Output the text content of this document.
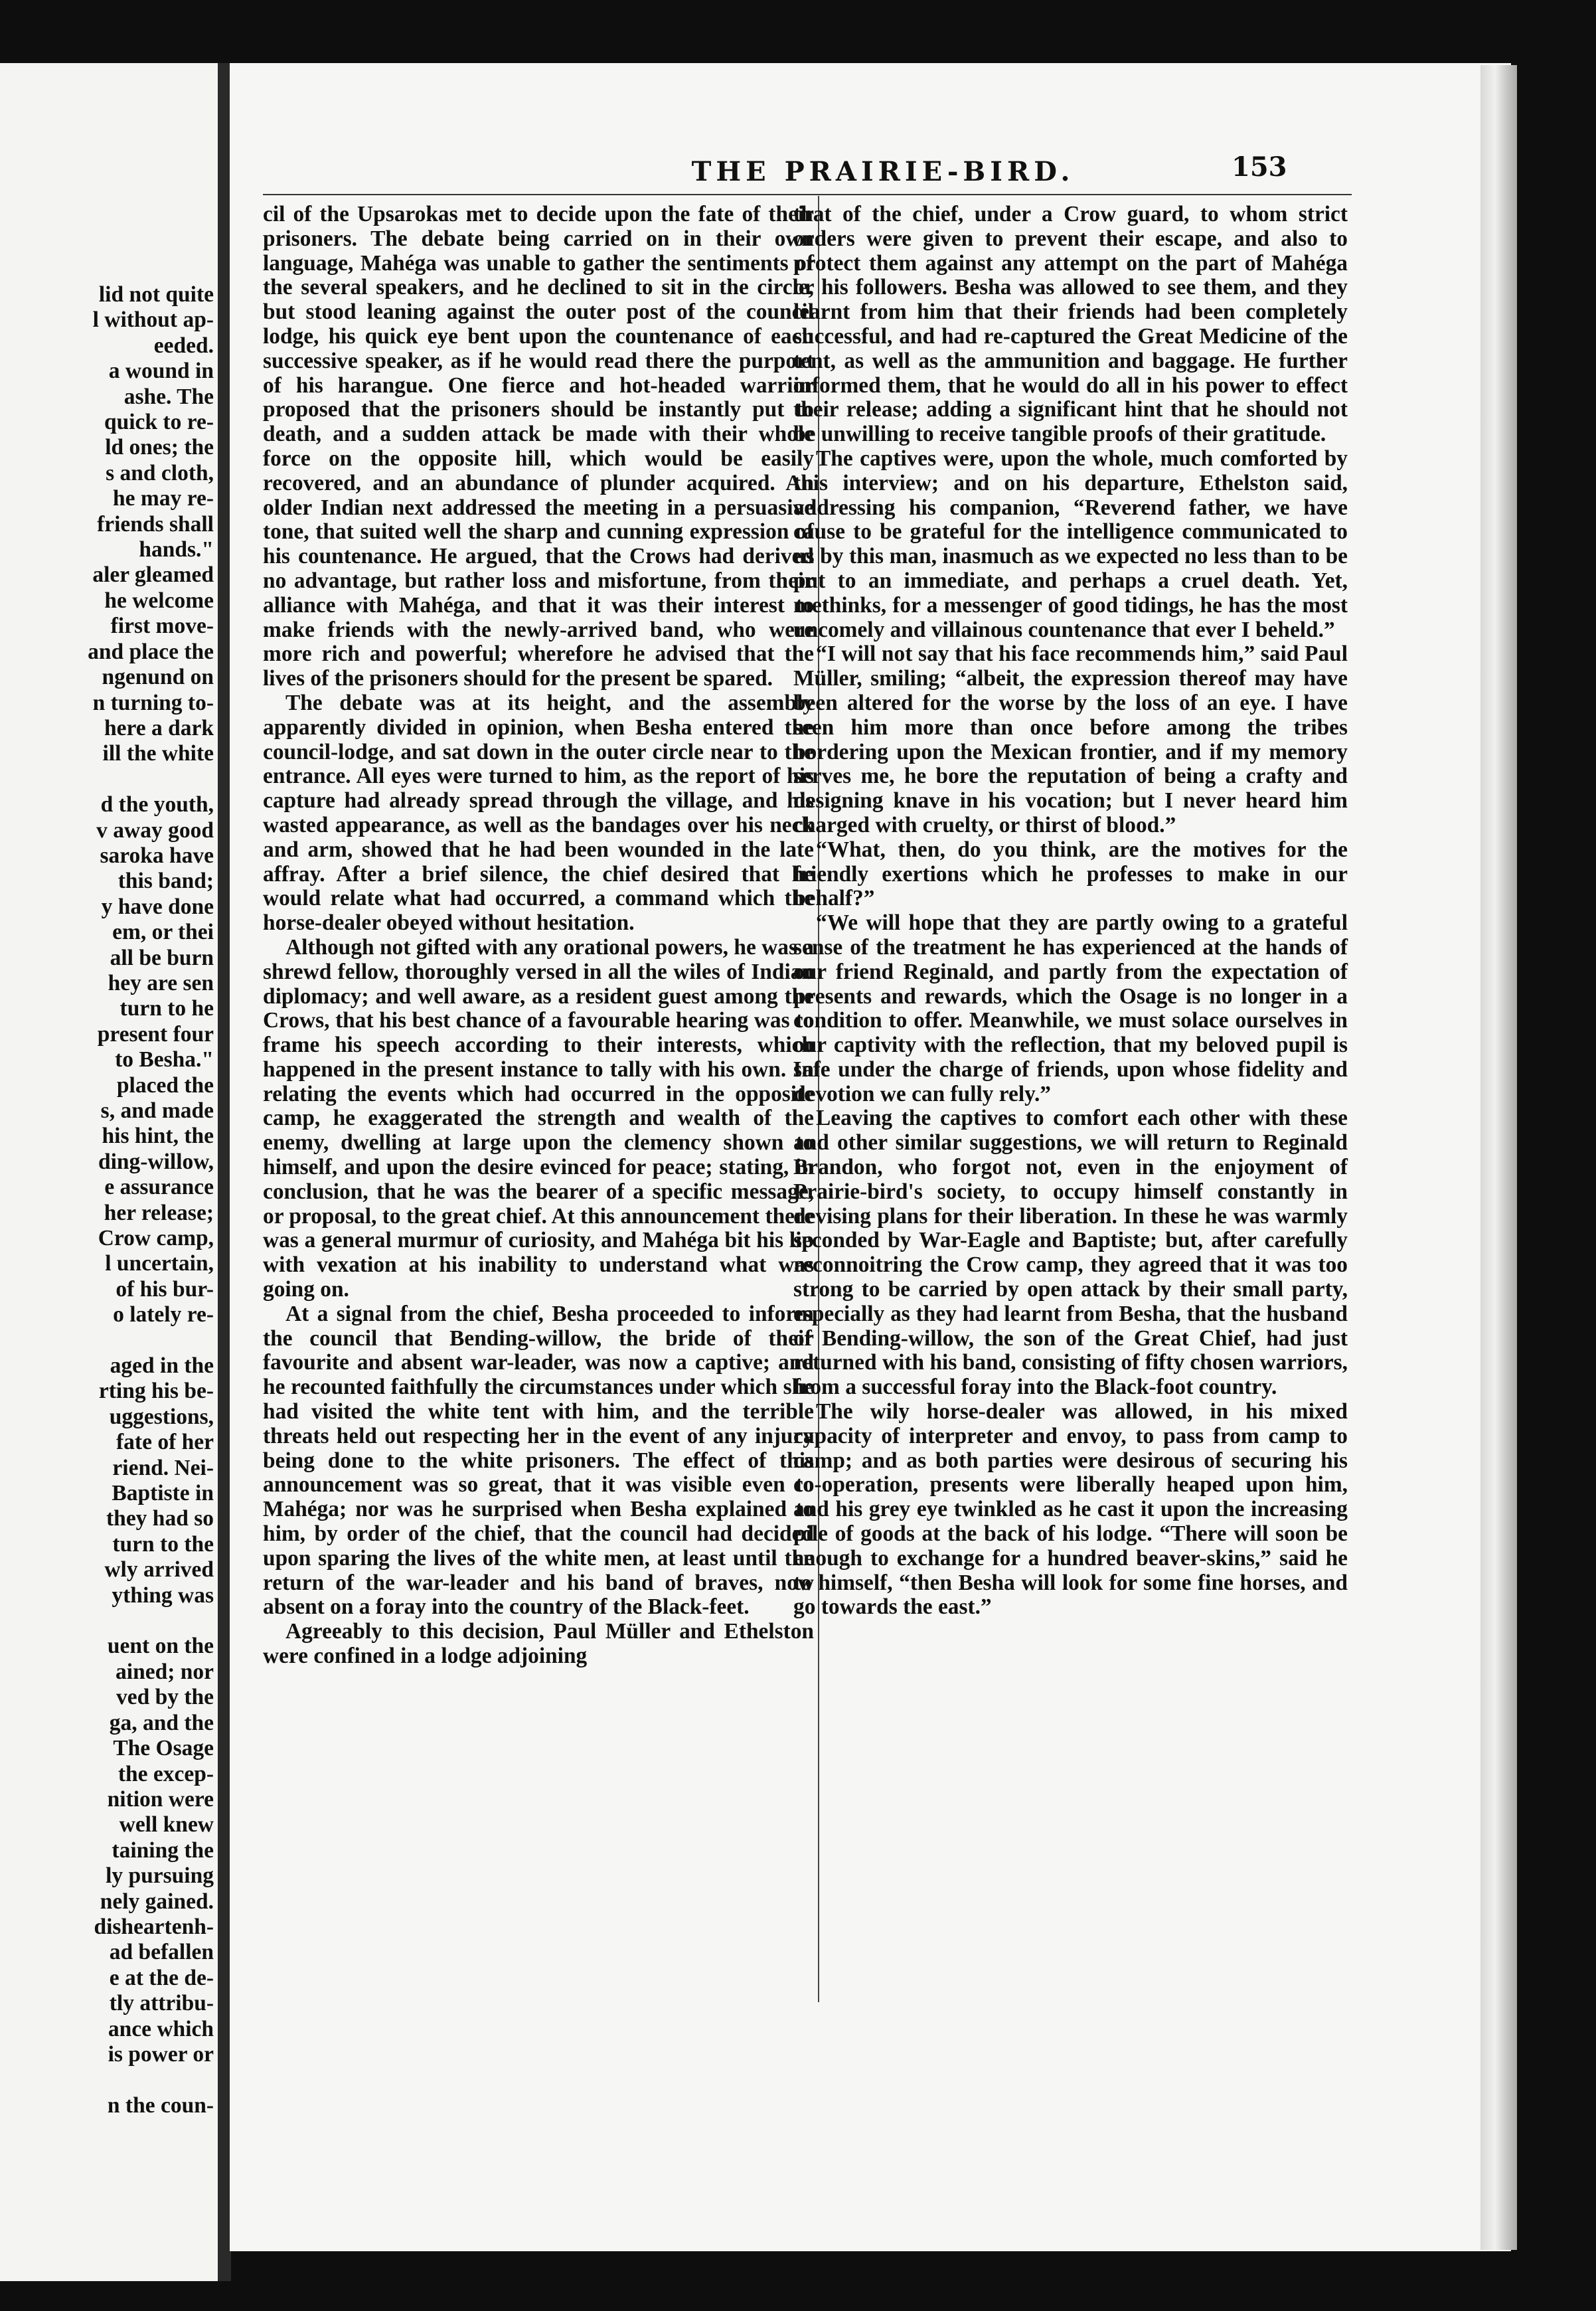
lid not quite
l without ap-
eeded.
a wound in
ashe. The
quick to re-
ld ones; the
s and cloth,
he may re-
friends shall
hands."
aler gleamed
he welcome
first move-
and place the
ngenund on
n turning to-
here a dark
ill the white
d the youth,
v away good
saroka have
this band;
y have done
em, or thei
all be burn
hey are sen
turn to he
present four
to Besha."
placed the
s, and made
his hint, the
ding-willow,
e assurance
her release;
Crow camp,
l uncertain,
of his bur-
o lately re-
aged in the
rting his be-
uggestions,
fate of her
riend. Nei-
Baptiste in
they had so
turn to the
wly arrived
ything was
uent on the
ained; nor
ved by the
ga, and the
The Osage
the excep-
nition were
well knew
taining the
ly pursuing
nely gained.
disheartenh-
ad befallen
e at the de-
tly attribu-
ance which
is power or
n the coun-
THE PRAIRIE-BIRD.	153

cil of the Upsarokas met to decide upon the fate of their prisoners. The debate being carried on in their own language, Mahéga was unable to gather the sentiments of the several speakers, and he declined to sit in the circle, but stood leaning against the outer post of the council lodge, his quick eye bent upon the countenance of each successive speaker, as if he would read there the purport of his harangue. One fierce and hot-headed warrior proposed that the prisoners should be instantly put to death, and a sudden attack be made with their whole force on the opposite hill, which would be easily recovered, and an abundance of plunder acquired. An older Indian next addressed the meeting in a persuasive tone, that suited well the sharp and cunning expression of his countenance. He argued, that the Crows had derived no advantage, but rather loss and misfortune, from their alliance with Mahéga, and that it was their interest to make friends with the newly-arrived band, who were more rich and powerful; wherefore he advised that the lives of the prisoners should for the present be spared.

The debate was at its height, and the assembly apparently divided in opinion, when Besha entered the council-lodge, and sat down in the outer circle near to the entrance. All eyes were turned to him, as the report of his capture had already spread through the village, and his wasted appearance, as well as the bandages over his neck and arm, showed that he had been wounded in the late affray. After a brief silence, the chief desired that he would relate what had occurred, a command which the horse-dealer obeyed without hesitation.

Although not gifted with any orational powers, he was a shrewd fellow, thoroughly versed in all the wiles of Indian diplomacy; and well aware, as a resident guest among the Crows, that his best chance of a favourable hearing was to frame his speech according to their interests, which happened in the present instance to tally with his own. In relating the events which had occurred in the opposite camp, he exaggerated the strength and wealth of the enemy, dwelling at large upon the clemency shown to himself, and upon the desire evinced for peace; stating, in conclusion, that he was the bearer of a specific message, or proposal, to the great chief. At this announcement there was a general murmur of curiosity, and Mahéga bit his lip with vexation at his inability to understand what was going on.

At a signal from the chief, Besha proceeded to inform the council that Bending-willow, the bride of their favourite and absent war-leader, was now a captive; and he recounted faithfully the circumstances under which she had visited the white tent with him, and the terrible threats held out respecting her in the event of any injury being done to the white prisoners. The effect of this announcement was so great, that it was visible even to Mahéga; nor was he surprised when Besha explained to him, by order of the chief, that the council had decided upon sparing the lives of the white men, at least until the return of the war-leader and his band of braves, now absent on a foray into the country of the Black-feet.

Agreeably to this decision, Paul Müller and Ethelston were confined in a lodge adjoining

that of the chief, under a Crow guard, to whom strict orders were given to prevent their escape, and also to protect them against any attempt on the part of Mahéga or his followers. Besha was allowed to see them, and they learnt from him that their friends had been completely successful, and had re-captured the Great Medicine of the tent, as well as the ammunition and baggage. He further informed them, that he would do all in his power to effect their release; adding a significant hint that he should not be unwilling to receive tangible proofs of their gratitude.

The captives were, upon the whole, much comforted by this interview; and on his departure, Ethelston said, addressing his companion, “Reverend father, we have cause to be grateful for the intelligence communicated to us by this man, inasmuch as we expected no less than to be put to an immediate, and perhaps a cruel death. Yet, methinks, for a messenger of good tidings, he has the most uncomely and villainous countenance that ever I beheld.”

“I will not say that his face recommends him,” said Paul Müller, smiling; “albeit, the expression thereof may have been altered for the worse by the loss of an eye. I have seen him more than once before among the tribes bordering upon the Mexican frontier, and if my memory serves me, he bore the reputation of being a crafty and designing knave in his vocation; but I never heard him charged with cruelty, or thirst of blood.”

“What, then, do you think, are the motives for the friendly exertions which he professes to make in our behalf?”

“We will hope that they are partly owing to a grateful sense of the treatment he has experienced at the hands of our friend Reginald, and partly from the expectation of presents and rewards, which the Osage is no longer in a condition to offer. Meanwhile, we must solace ourselves in our captivity with the reflection, that my beloved pupil is safe under the charge of friends, upon whose fidelity and devotion we can fully rely.”

Leaving the captives to comfort each other with these and other similar suggestions, we will return to Reginald Brandon, who forgot not, even in the enjoyment of Prairie-bird's society, to occupy himself constantly in devising plans for their liberation. In these he was warmly seconded by War-Eagle and Baptiste; but, after carefully reconnoitring the Crow camp, they agreed that it was too strong to be carried by open attack by their small party, especially as they had learnt from Besha, that the husband of Bending-willow, the son of the Great Chief, had just returned with his band, consisting of fifty chosen warriors, from a successful foray into the Black-foot country.

The wily horse-dealer was allowed, in his mixed capacity of interpreter and envoy, to pass from camp to camp; and as both parties were desirous of securing his co-operation, presents were liberally heaped upon him, and his grey eye twinkled as he cast it upon the increasing pile of goods at the back of his lodge. “There will soon be enough to exchange for a hundred beaver-skins,” said he to himself, “then Besha will look for some fine horses, and go towards the east.”
